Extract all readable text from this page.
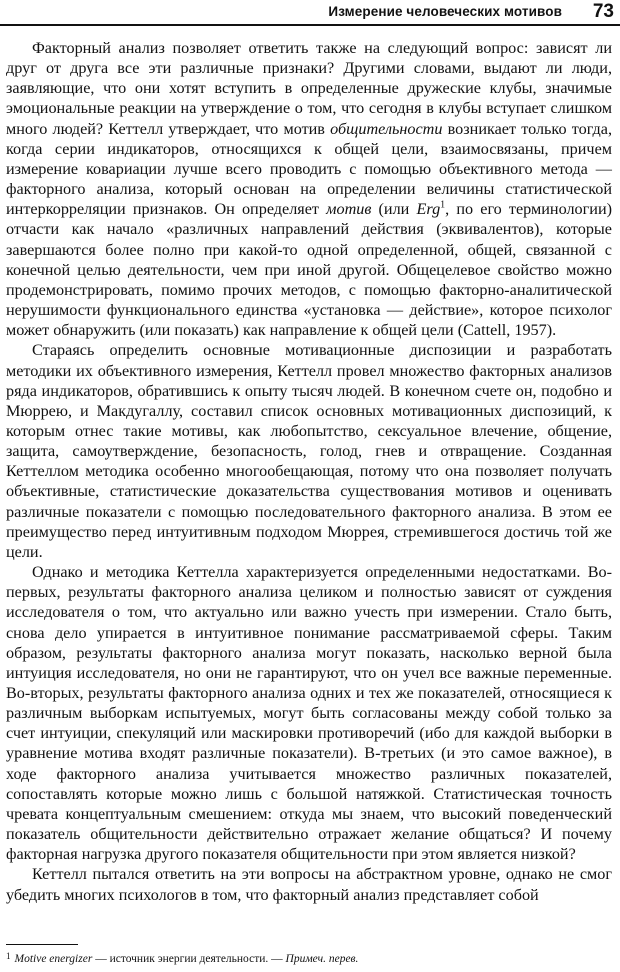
Измерение человеческих мотивов 73

Факторный анализ позволяет ответить также на следующий вопрос: зависят ли друг от друга все эти различные признаки? Другими словами, выдают ли люди, заявляющие, что они хотят вступить в определенные дружеские клубы, значимые эмоциональные реакции на утверждение о том, что сегодня в клубы вступает слишком много людей? Кеттелл утверждает, что мотив общительности возникает только тогда, когда серии индикаторов, относящихся к общей цели, взаимосвязаны, причем измерение ковариации лучше всего проводить с помощью объективного метода — факторного анализа, который основан на определении величины статистической интеркорреляции признаков. Он определяет мотив (или Erg$^1$, по его терминологии) отчасти как начало «различных направлений действия (эквивалентов), которые завершаются более полно при какой-то одной определенной, общей, связанной с конечной целью деятельности, чем при иной другой. Общецелевое свойство можно продемонстрировать, помимо прочих методов, с помощью факторно-аналитической нерушимости функционального единства «установка — действие», которое психолог может обнаружить (или показать) как направление к общей цели (Cattell, 1957).

Стараясь определить основные мотивационные диспозиции и разработать методики их объективного измерения, Кеттелл провел множество факторных анализов ряда индикаторов, обратившись к опыту тысяч людей. В конечном счете он, подобно и Мюррею, и Макдугаллу, составил список основных мотивационных диспозиций, к которым отнес такие мотивы, как любопытство, сексуальное влечение, общение, защита, самоутверждение, безопасность, голод, гнев и отвращение. Созданная Кеттеллом методика особенно многообещающая, потому что она позволяет получать объективные, статистические доказательства существования мотивов и оценивать различные показатели с помощью последовательного факторного анализа. В этом ее преимущество перед интуитивным подходом Мюррея, стремившегося достичь той же цели.

Однако и методика Кеттелла характеризуется определенными недостатками. Во-первых, результаты факторного анализа целиком и полностью зависят от суждения исследователя о том, что актуально или важно учесть при измерении. Стало быть, снова дело упирается в интуитивное понимание рассматриваемой сферы. Таким образом, результаты факторного анализа могут показать, насколько верной была интуиция исследователя, но они не гарантируют, что он учел все важные переменные. Во-вторых, результаты факторного анализа одних и тех же показателей, относящиеся к различным выборкам испытуемых, могут быть согласованы между собой только за счет интуиции, спекуляций или маскировки противоречий (ибо для каждой выборки в уравнение мотива входят различные показатели). В-третьих (и это самое важное), в ходе факторного анализа учитывается множество различных показателей, сопоставлять которые можно лишь с большой натяжкой. Статистическая точность чревата концептуальным смешением: откуда мы знаем, что высокий поведенческий показатель общительности действительно отражает желание общаться? И почему факторная нагрузка другого показателя общительности при этом является низкой?

Кеттелл пытался ответить на эти вопросы на абстрактном уровне, однако не смог убедить многих психологов в том, что факторный анализ представляет собой

$^1$ Motive energizer — источник энергии деятельности. — Примеч. перев.
